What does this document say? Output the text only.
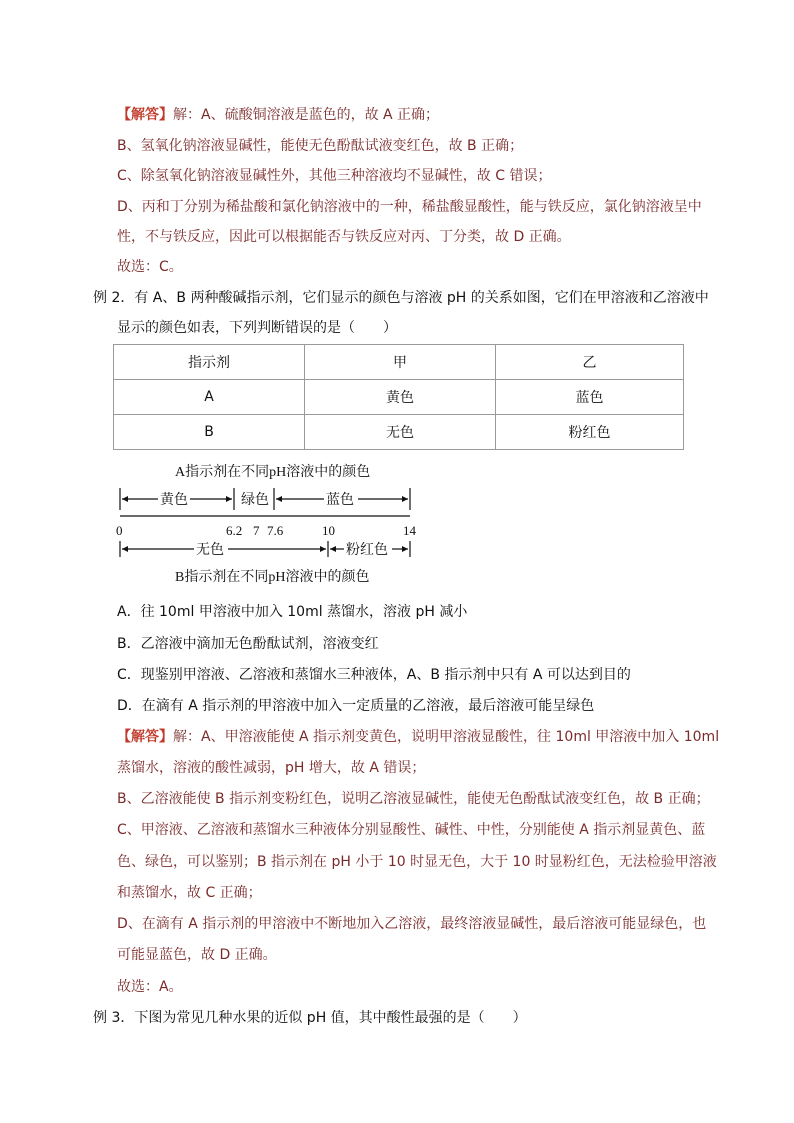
【解答】解：A、硫酸铜溶液是蓝色的，故 A 正确；
B、氢氧化钠溶液显碱性，能使无色酚酞试液变红色，故 B 正确；
C、除氢氧化钠溶液显碱性外，其他三种溶液均不显碱性，故 C 错误；
D、丙和丁分别为稀盐酸和氯化钠溶液中的一种，稀盐酸显酸性，能与铁反应，氯化钠溶液呈中
性，不与铁反应，因此可以根据能否与铁反应对丙、丁分类，故 D 正确。
故选：C。
例 2．有 A、B 两种酸碱指示剂，它们显示的颜色与溶液 pH 的关系如图，它们在甲溶液和乙溶液中
显示的颜色如表，下列判断错误的是（　　）
指示剂	甲	乙
A	黄色	蓝色
B	无色	粉红色
A指示剂在不同pH溶液中的颜色
黄色	绿色	蓝色
0	6.2 7 7.6	10	14
无色	粉红色
B指示剂在不同pH溶液中的颜色
A．往 10ml 甲溶液中加入 10ml 蒸馏水，溶液 pH 减小
B．乙溶液中滴加无色酚酞试剂，溶液变红
C．现鉴别甲溶液、乙溶液和蒸馏水三种液体，A、B 指示剂中只有 A 可以达到目的
D．在滴有 A 指示剂的甲溶液中加入一定质量的乙溶液，最后溶液可能呈绿色
【解答】解：A、甲溶液能使 A 指示剂变黄色，说明甲溶液显酸性，往 10ml 甲溶液中加入 10ml
蒸馏水，溶液的酸性减弱，pH 增大，故 A 错误；
B、乙溶液能使 B 指示剂变粉红色，说明乙溶液显碱性，能使无色酚酞试液变红色，故 B 正确；
C、甲溶液、乙溶液和蒸馏水三种液体分别显酸性、碱性、中性，分别能使 A 指示剂显黄色、蓝
色、绿色，可以鉴别；B 指示剂在 pH 小于 10 时显无色，大于 10 时显粉红色，无法检验甲溶液
和蒸馏水，故 C 正确；
D、在滴有 A 指示剂的甲溶液中不断地加入乙溶液，最终溶液显碱性，最后溶液可能显绿色，也
可能显蓝色，故 D 正确。
故选：A。
例 3．下图为常见几种水果的近似 pH 值，其中酸性最强的是（　　）
